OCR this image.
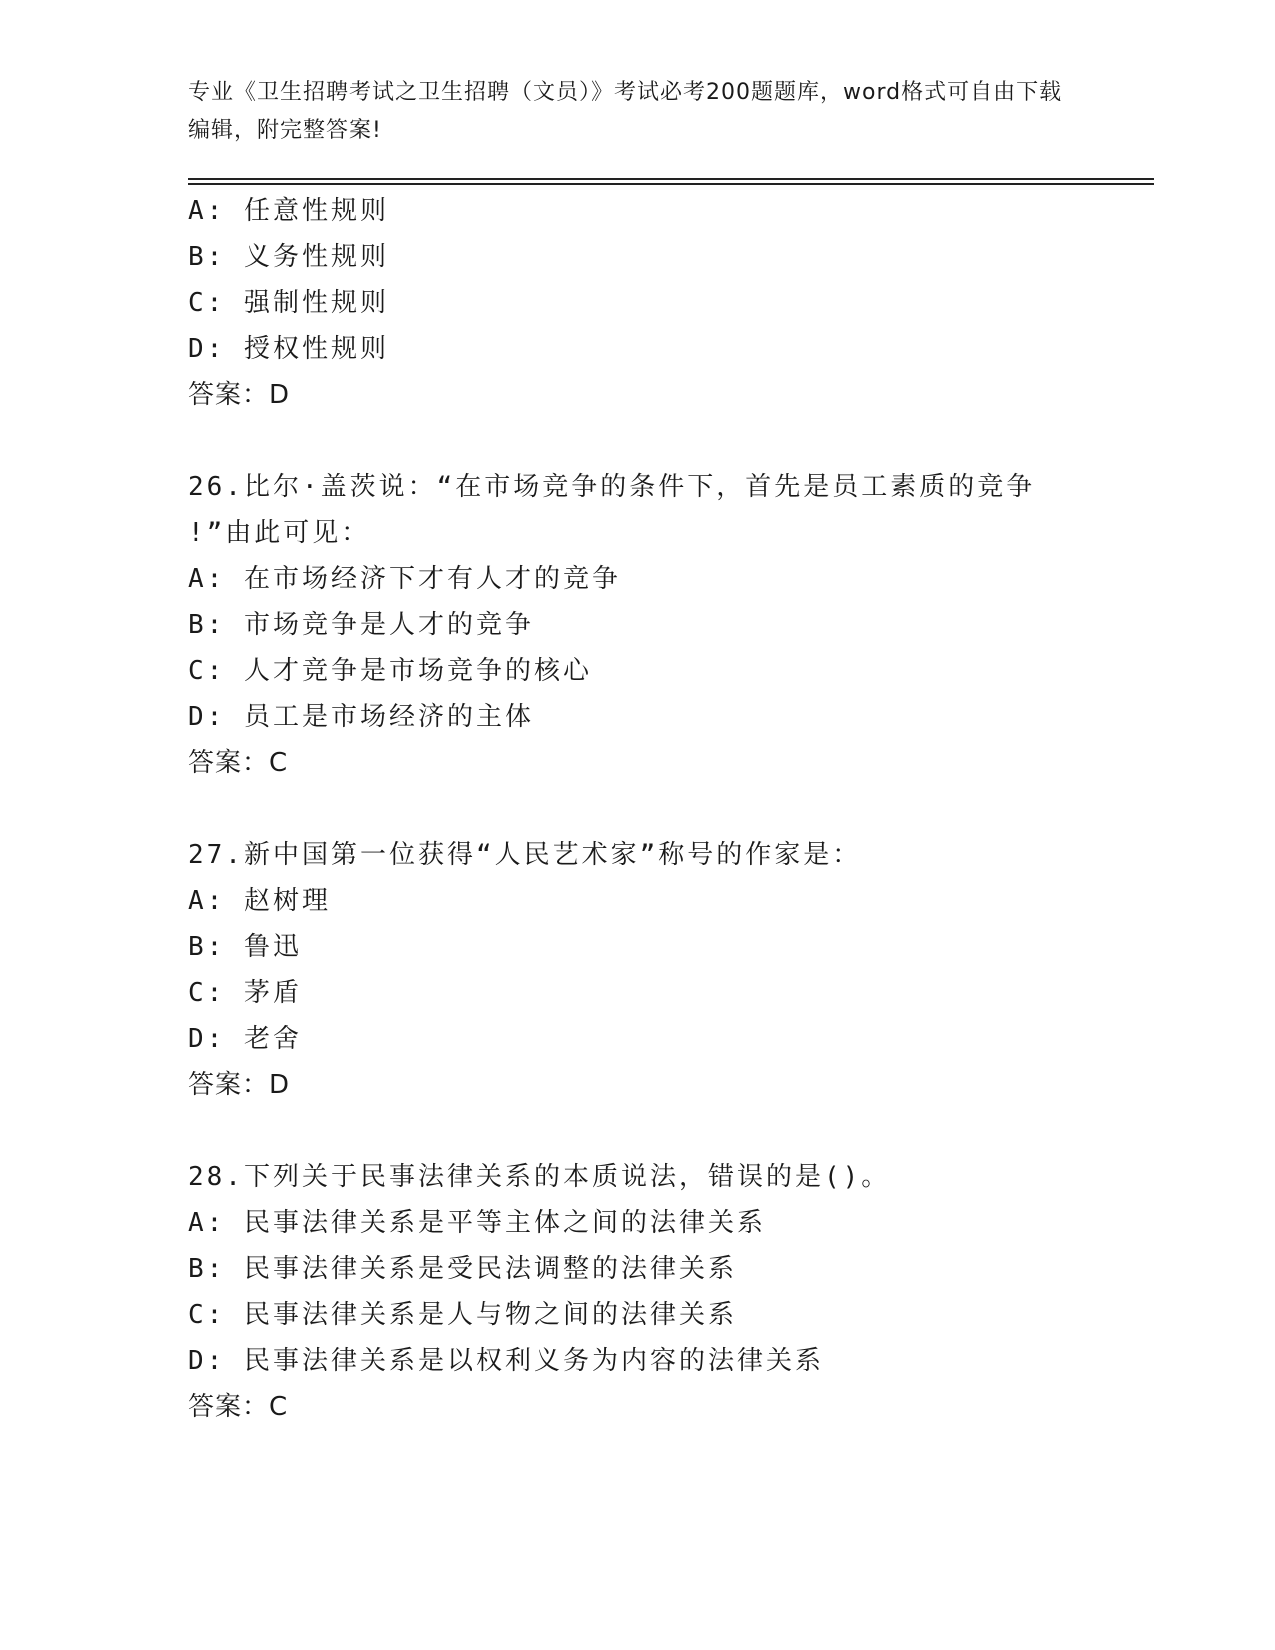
专业《卫生招聘考试之卫生招聘（文员）》考试必考200题题库，word格式可自由下载编辑，附完整答案!
A: 任意性规则
B: 义务性规则
C: 强制性规则
D: 授权性规则
答案：D
26.比尔·盖茨说：“在市场竞争的条件下，首先是员工素质的竞争
!”由此可见：
A: 在市场经济下才有人才的竞争
B: 市场竞争是人才的竞争
C: 人才竞争是市场竞争的核心
D: 员工是市场经济的主体
答案：C
27.新中国第一位获得“人民艺术家”称号的作家是：
A: 赵树理
B: 鲁迅
C: 茅盾
D: 老舍
答案：D
28.下列关于民事法律关系的本质说法，错误的是()。
A: 民事法律关系是平等主体之间的法律关系
B: 民事法律关系是受民法调整的法律关系
C: 民事法律关系是人与物之间的法律关系
D: 民事法律关系是以权利义务为内容的法律关系
答案：C
